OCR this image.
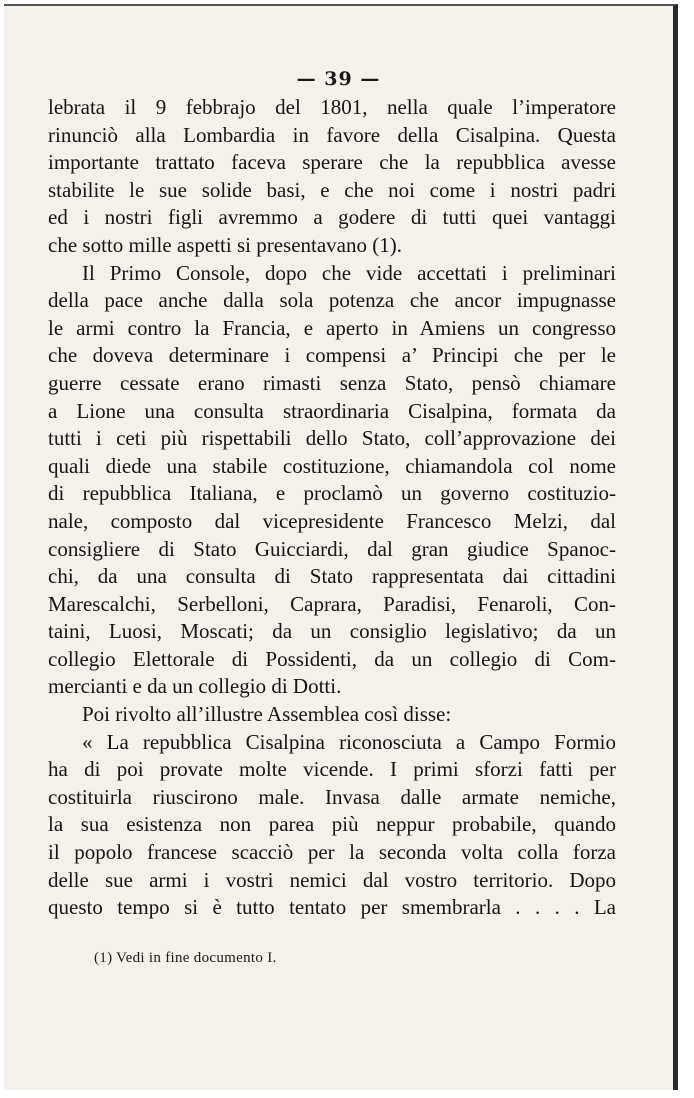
— 39 —
lebrata il 9 febbrajo del 1801, nella quale l’imperatore
rinunciò alla Lombardia in favore della Cisalpina. Questa
importante trattato faceva sperare che la repubblica avesse
stabilite le sue solide basi, e che noi come i nostri padri
ed i nostri figli avremmo a godere di tutti quei vantaggi
che sotto mille aspetti si presentavano (1).
Il Primo Console, dopo che vide accettati i preliminari
della pace anche dalla sola potenza che ancor impugnasse
le armi contro la Francia, e aperto in Amiens un congresso
che doveva determinare i compensi a’ Principi che per le
guerre cessate erano rimasti senza Stato, pensò chiamare
a Lione una consulta straordinaria Cisalpina, formata da
tutti i ceti più rispettabili dello Stato, coll’approvazione dei
quali diede una stabile costituzione, chiamandola col nome
di repubblica Italiana, e proclamò un governo costituzio-
nale, composto dal vicepresidente Francesco Melzi, dal
consigliere di Stato Guicciardi, dal gran giudice Spanoc-
chi, da una consulta di Stato rappresentata dai cittadini
Marescalchi, Serbelloni, Caprara, Paradisi, Fenaroli, Con-
taini, Luosi, Moscati; da un consiglio legislativo; da un
collegio Elettorale di Possidenti, da un collegio di Com-
mercianti e da un collegio di Dotti.
Poi rivolto all’illustre Assemblea così disse:
« La repubblica Cisalpina riconosciuta a Campo Formio
ha di poi provate molte vicende. I primi sforzi fatti per
costituirla riuscirono male. Invasa dalle armate nemiche,
la sua esistenza non parea più neppur probabile, quando
il popolo francese scacciò per la seconda volta colla forza
delle sue armi i vostri nemici dal vostro territorio. Dopo
questo tempo si è tutto tentato per smembrarla . . . . La
(1) Vedi in fine documento I.
